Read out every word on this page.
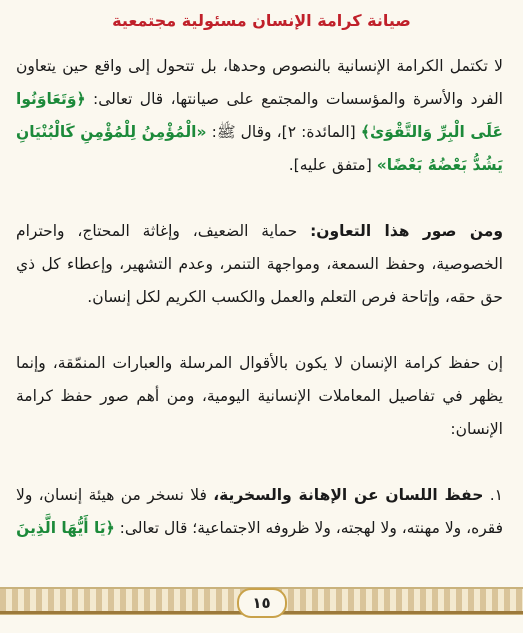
صيانة كرامة الإنسان مسئولية مجتمعية
لا تكتمل الكرامة الإنسانية بالنصوص وحدها، بل تتحول إلى واقع حين يتعاون الفرد والأسرة والمؤسسات والمجتمع على صيانتها، قال تعالى: ﴿وَتَعَاوَنُوا عَلَى الْبِرِّ وَالتَّقْوَىٰ﴾ [المائدة: ٢]، وقال ﷺ: «الْمُؤْمِنُ لِلْمُؤْمِنِ كَالْبُنْيَانِ يَشُدُّ بَعْضُهُ بَعْضًا» [متفق عليه].
ومن صور هذا التعاون: حماية الضعيف، وإغاثة المحتاج، واحترام الخصوصية، وحفظ السمعة، ومواجهة التنمر، وعدم التشهير، وإعطاء كل ذي حق حقه، وإتاحة فرص التعلم والعمل والكسب الكريم لكل إنسان.
إن حفظ كرامة الإنسان لا يكون بالأقوال المرسلة والعبارات المنمّقة، وإنما يظهر في تفاصيل المعاملات الإنسانية اليومية، ومن أهم صور حفظ كرامة الإنسان:
١. حفظ اللسان عن الإهانة والسخرية، فلا نسخر من هيئة إنسان، ولا فقره، ولا مهنته، ولا لهجته، ولا ظروفه الاجتماعية؛ قال تعالى: ﴿يَا أَيُّهَا الَّذِينَ
١٥
